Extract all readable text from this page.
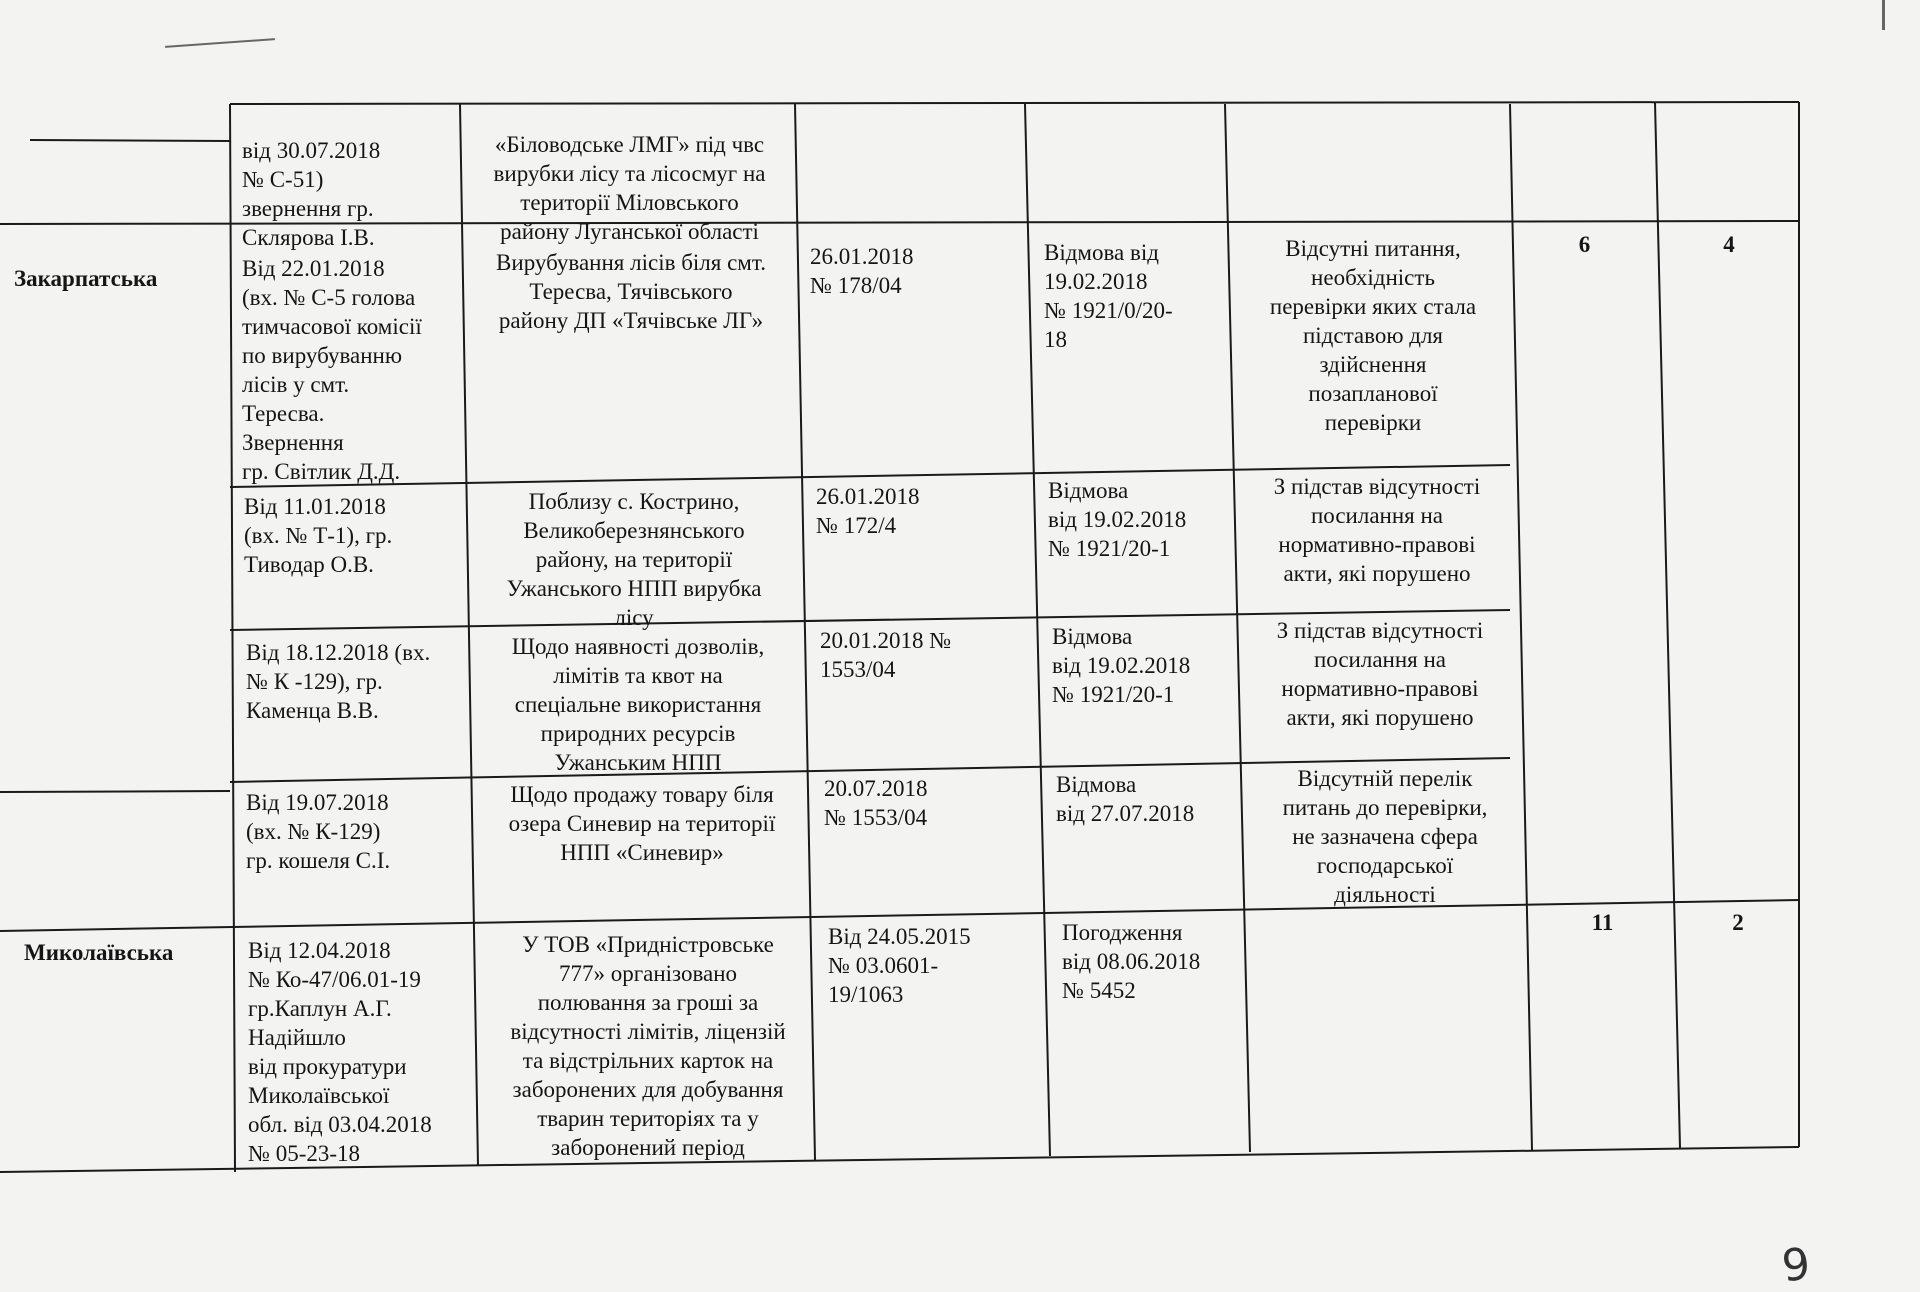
від 30.07.2018
№ С-51)
звернення гр.
Склярова І.В.
«Біловодське ЛМГ» під чвс
вирубки лісу та лісосмуг на
території Міловського
району Луганської області
Закарпатська
6	4
Від 22.01.2018
(вх. № С-5 голова
тимчасової комісії
по вирубуванню
лісів у смт.
Тересва.
Звернення
гр. Світлик Д.Д.
Вирубування лісів біля смт.
Тересва, Тячівського
району ДП «Тячівське ЛГ»
26.01.2018
№ 178/04
Відмова від
19.02.2018
№ 1921/0/20-
18
Відсутні питання,
необхідність
перевірки яких стала
підставою для
здійснення
позапланової
перевірки
Від 11.01.2018
(вх. № Т-1), гр.
Тиводар О.В.
Поблизу с. Кострино,
Великоберезнянського
району, на території
Ужанського НПП вирубка
лісу
26.01.2018
№ 172/4
Відмова
від 19.02.2018
№ 1921/20-1
З підстав відсутності
посилання на
нормативно-правові
акти, які порушено
Від 18.12.2018 (вх.
№ К -129), гр.
Каменца В.В.
Щодо наявності дозволів,
лімітів та квот на
спеціальне використання
природних ресурсів
Ужанським НПП
20.01.2018 №
1553/04
Відмова
від 19.02.2018
№ 1921/20-1
З підстав відсутності
посилання на
нормативно-правові
акти, які порушено
Від 19.07.2018
(вх. № К-129)
гр. кошеля С.І.
Щодо продажу товару біля
озера Синевир на території
НПП «Синевир»
20.07.2018
№ 1553/04
Відмова
від 27.07.2018
Відсутній перелік
питань до перевірки,
не зазначена сфера
господарської
діяльності
Миколаївська
11	2
Від 12.04.2018
№ Ко-47/06.01-19
гр.Каплун А.Г.
Надійшло
від прокуратури
Миколаївської
обл. від 03.04.2018
№ 05-23-18
У ТОВ «Придністровське
777» організовано
полювання за гроші за
відсутності лімітів, ліцензій
та відстрільних карток на
заборонених для добування
тварин територіях та у
заборонений період
Від 24.05.2015
№ 03.0601-
19/1063
Погодження
від 08.06.2018
№ 5452
9
